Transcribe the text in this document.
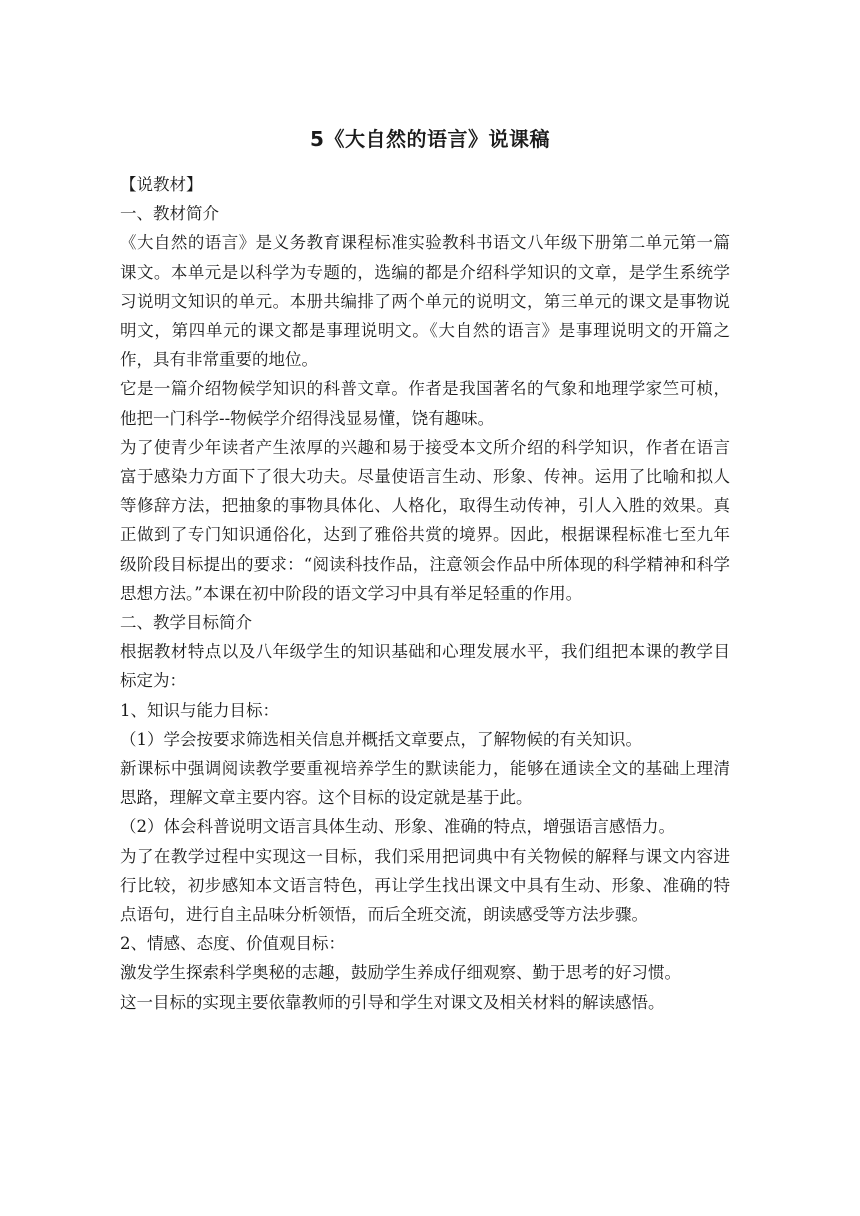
5《大自然的语言》说课稿

【说教材】

一、教材简介

《大自然的语言》是义务教育课程标准实验教科书语文八年级下册第二单元第一篇课文。本单元是以科学为专题的，选编的都是介绍科学知识的文章，是学生系统学习说明文知识的单元。本册共编排了两个单元的说明文，第三单元的课文是事物说明文，第四单元的课文都是事理说明文。《大自然的语言》是事理说明文的开篇之作，具有非常重要的地位。

它是一篇介绍物候学知识的科普文章。作者是我国著名的气象和地理学家竺可桢，他把一门科学--物候学介绍得浅显易懂，饶有趣味。

为了使青少年读者产生浓厚的兴趣和易于接受本文所介绍的科学知识，作者在语言富于感染力方面下了很大功夫。尽量使语言生动、形象、传神。运用了比喻和拟人等修辞方法，把抽象的事物具体化、人格化，取得生动传神，引人入胜的效果。真正做到了专门知识通俗化，达到了雅俗共赏的境界。因此，根据课程标准七至九年级阶段目标提出的要求：“阅读科技作品，注意领会作品中所体现的科学精神和科学思想方法。”本课在初中阶段的语文学习中具有举足轻重的作用。

二、教学目标简介

根据教材特点以及八年级学生的知识基础和心理发展水平，我们组把本课的教学目标定为：

1、知识与能力目标：

（1）学会按要求筛选相关信息并概括文章要点，了解物候的有关知识。

新课标中强调阅读教学要重视培养学生的默读能力，能够在通读全文的基础上理清思路，理解文章主要内容。这个目标的设定就是基于此。

（2）体会科普说明文语言具体生动、形象、准确的特点，增强语言感悟力。

为了在教学过程中实现这一目标，我们采用把词典中有关物候的解释与课文内容进行比较，初步感知本文语言特色，再让学生找出课文中具有生动、形象、准确的特点语句，进行自主品味分析领悟，而后全班交流，朗读感受等方法步骤。

2、情感、态度、价值观目标：

激发学生探索科学奥秘的志趣，鼓励学生养成仔细观察、勤于思考的好习惯。

这一目标的实现主要依靠教师的引导和学生对课文及相关材料的解读感悟。
